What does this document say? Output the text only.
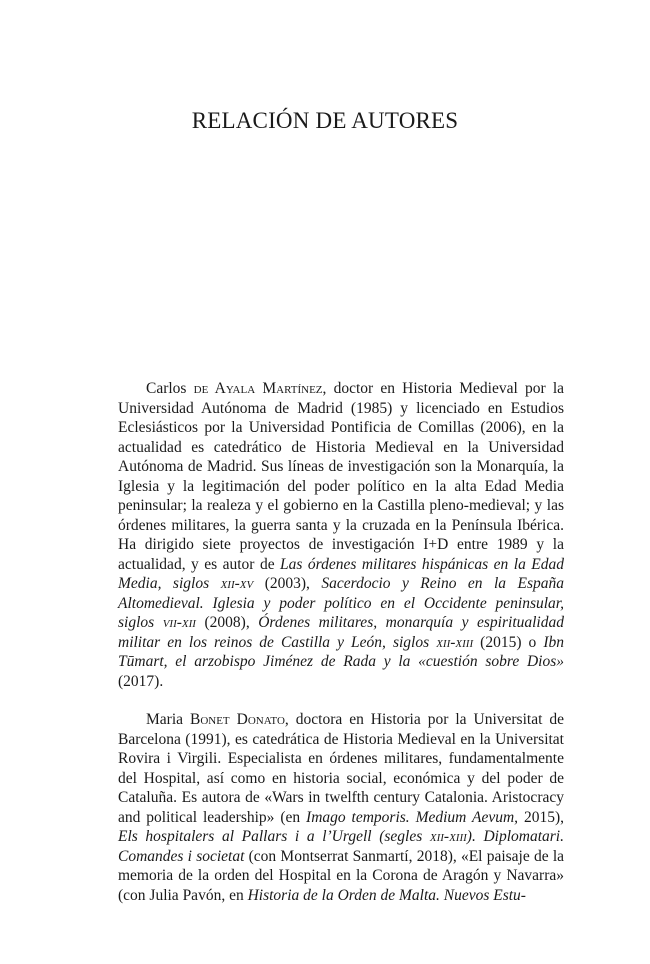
RELACIÓN DE AUTORES

Carlos de Ayala Martínez, doctor en Historia Medieval por la Universidad Autónoma de Madrid (1985) y licenciado en Estudios Eclesiásticos por la Universidad Pontificia de Comillas (2006), en la actualidad es catedrático de Historia Medieval en la Universidad Autónoma de Madrid. Sus líneas de investigación son la Monarquía, la Iglesia y la legitimación del poder político en la alta Edad Media peninsular; la realeza y el gobierno en la Castilla pleno-medieval; y las órdenes militares, la guerra santa y la cruzada en la Península Ibérica. Ha dirigido siete proyectos de investigación I+D entre 1989 y la actualidad, y es autor de Las órdenes militares hispánicas en la Edad Media, siglos xii-xv (2003), Sacerdocio y Reino en la España Altomedieval. Iglesia y poder político en el Occidente peninsular, siglos vii-xii (2008), Órdenes militares, monarquía y espiritualidad militar en los reinos de Castilla y León, siglos xii-xiii (2015) o Ibn Tūmart, el arzobispo Jiménez de Rada y la «cuestión sobre Dios» (2017).

Maria Bonet Donato, doctora en Historia por la Universitat de Barcelona (1991), es catedrática de Historia Medieval en la Universitat Rovira i Virgili. Especialista en órdenes militares, fundamentalmente del Hospital, así como en historia social, económica y del poder de Cataluña. Es autora de «Wars in twelfth century Catalonia. Aristocracy and political leadership» (en Imago temporis. Medium Aevum, 2015), Els hospitalers al Pallars i a l’Urgell (segles xii-xiii). Diplomatari. Comandes i societat (con Montserrat Sanmartí, 2018), «El paisaje de la memoria de la orden del Hospital en la Corona de Aragón y Navarra» (con Julia Pavón, en Historia de la Orden de Malta. Nuevos Estu-
